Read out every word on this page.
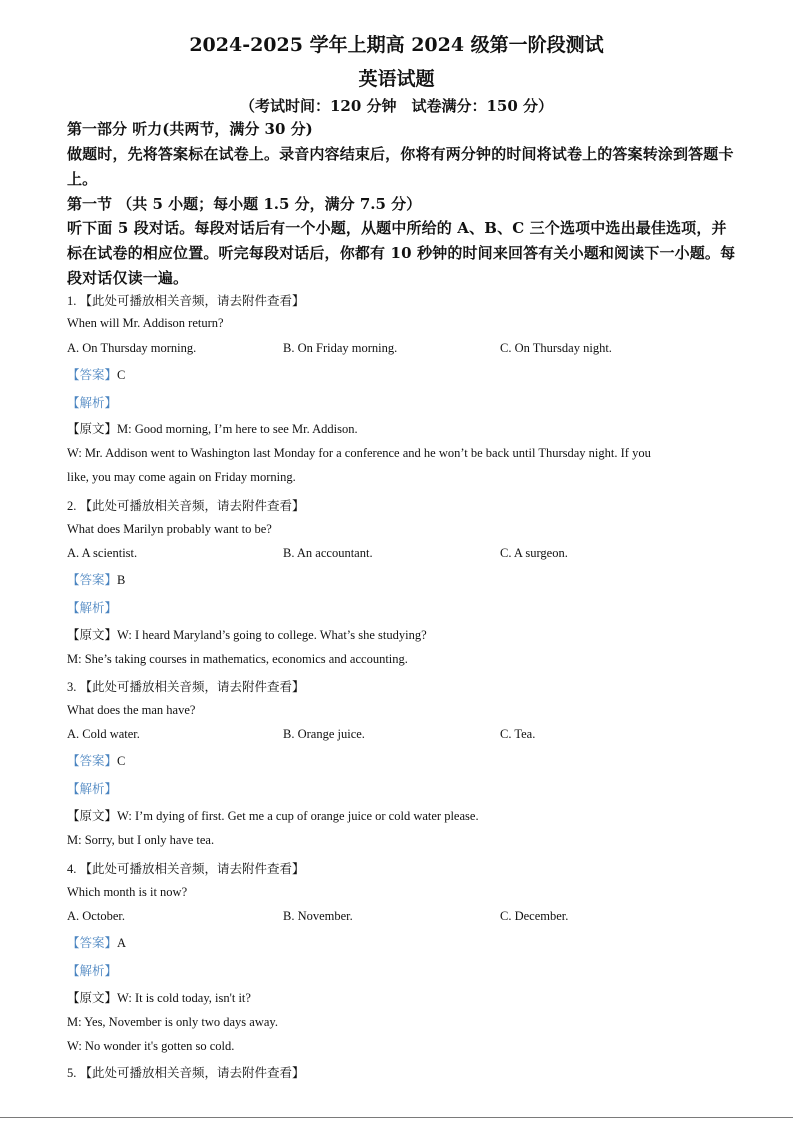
2024-2025 学年上期高 2024 级第一阶段测试
英语试题
（考试时间：120 分钟　试卷满分：150 分）
第一部分 听力(共两节，满分 30 分)
做题时，先将答案标在试卷上。录音内容结束后，你将有两分钟的时间将试卷上的答案转涂到答题卡上。
第一节 （共 5 小题；每小题 1.5 分，满分 7.5 分）
听下面 5 段对话。每段对话后有一个小题，从题中所给的 A、B、C 三个选项中选出最佳选项，并标在试卷的相应位置。听完每段对话后，你都有 10 秒钟的时间来回答有关小题和阅读下一小题。每段对话仅读一遍。
1. 【此处可播放相关音频，请去附件查看】
When will Mr. Addison return?
A. On Thursday morning.	B. On Friday morning.	C. On Thursday night.
【答案】C
【解析】
【原文】M: Good morning, I’m here to see Mr. Addison.
W: Mr. Addison went to Washington last Monday for a conference and he won’t be back until Thursday night. If you
like, you may come again on Friday morning.
2. 【此处可播放相关音频，请去附件查看】
What does Marilyn probably want to be?
A. A scientist.	B. An accountant.	C. A surgeon.
【答案】B
【解析】
【原文】W: I heard Maryland’s going to college. What’s she studying?
M: She’s taking courses in mathematics, economics and accounting.
3. 【此处可播放相关音频，请去附件查看】
What does the man have?
A. Cold water.	B. Orange juice.	C. Tea.
【答案】C
【解析】
【原文】W: I’m dying of first. Get me a cup of orange juice or cold water please.
M: Sorry, but I only have tea.
4. 【此处可播放相关音频，请去附件查看】
Which month is it now?
A. October.	B. November.	C. December.
【答案】A
【解析】
【原文】W: It is cold today, isn't it?
M: Yes, November is only two days away.
W: No wonder it's gotten so cold.
5. 【此处可播放相关音频，请去附件查看】
